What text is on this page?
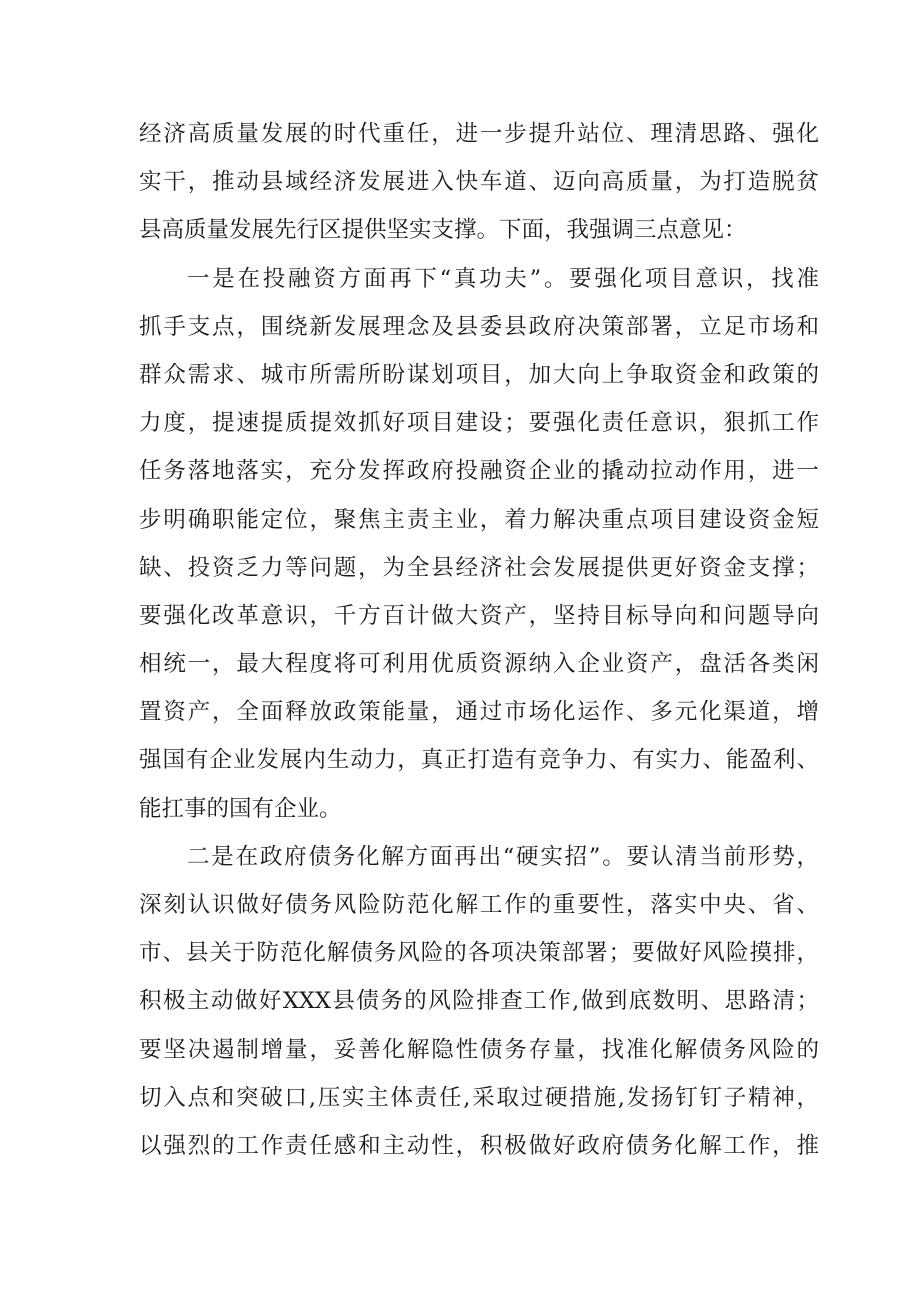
经济高质量发展的时代重任，进一步提升站位、理清思路、强化
实干，推动县域经济发展进入快车道、迈向高质量，为打造脱贫
县高质量发展先行区提供坚实支撑。下面，我强调三点意见：
一是在投融资方面再下“真功夫”。要强化项目意识，找准
抓手支点，围绕新发展理念及县委县政府决策部署，立足市场和
群众需求、城市所需所盼谋划项目，加大向上争取资金和政策的
力度，提速提质提效抓好项目建设；要强化责任意识，狠抓工作
任务落地落实，充分发挥政府投融资企业的撬动拉动作用，进一
步明确职能定位，聚焦主责主业，着力解决重点项目建设资金短
缺、投资乏力等问题，为全县经济社会发展提供更好资金支撑；
要强化改革意识，千方百计做大资产，坚持目标导向和问题导向
相统一，最大程度将可利用优质资源纳入企业资产，盘活各类闲
置资产，全面释放政策能量，通过市场化运作、多元化渠道，增
强国有企业发展内生动力，真正打造有竞争力、有实力、能盈利、
能扛事的国有企业。
二是在政府债务化解方面再出“硬实招”。要认清当前形势，
深刻认识做好债务风险防范化解工作的重要性，落实中央、省、
市、县关于防范化解债务风险的各项决策部署；要做好风险摸排，
积极主动做好XXX县债务的风险排查工作,做到底数明、思路清；
要坚决遏制增量，妥善化解隐性债务存量，找准化解债务风险的
切入点和突破口,压实主体责任,采取过硬措施,发扬钉钉子精神，
以强烈的工作责任感和主动性，积极做好政府债务化解工作，推
